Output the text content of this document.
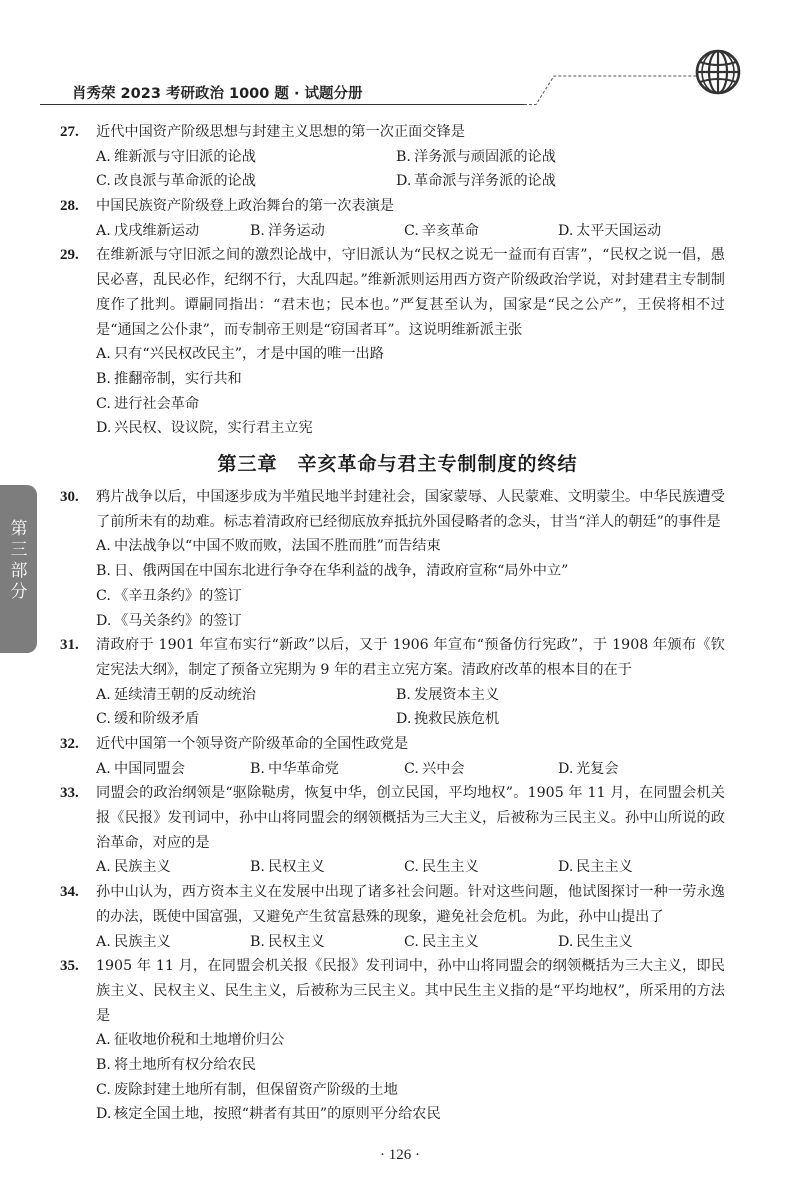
肖秀荣 2023 考研政治 1000 题 · 试题分册
第
三
部
分
27. 近代中国资产阶级思想与封建主义思想的第一次正面交锋是
A. 维新派与守旧派的论战	B. 洋务派与顽固派的论战
C. 改良派与革命派的论战	D. 革命派与洋务派的论战
28. 中国民族资产阶级登上政治舞台的第一次表演是
A. 戊戌维新运动	B. 洋务运动	C. 辛亥革命	D. 太平天国运动
29. 在维新派与守旧派之间的激烈论战中，守旧派认为“民权之说无一益而有百害”，“民权之说一倡，愚民必喜，乱民必作，纪纲不行，大乱四起。”维新派则运用西方资产阶级政治学说，对封建君主专制制度作了批判。谭嗣同指出：“君末也；民本也。”严复甚至认为，国家是“民之公产”，王侯将相不过是“通国之公仆隶”，而专制帝王则是“窃国者耳”。这说明维新派主张
A. 只有“兴民权改民主”，才是中国的唯一出路
B. 推翻帝制，实行共和
C. 进行社会革命
D. 兴民权、设议院，实行君主立宪
第三章　辛亥革命与君主专制制度的终结
30. 鸦片战争以后，中国逐步成为半殖民地半封建社会，国家蒙辱、人民蒙难、文明蒙尘。中华民族遭受了前所未有的劫难。标志着清政府已经彻底放弃抵抗外国侵略者的念头，甘当“洋人的朝廷”的事件是
A. 中法战争以“中国不败而败，法国不胜而胜”而告结束
B. 日、俄两国在中国东北进行争夺在华利益的战争，清政府宣称“局外中立”
C. 《辛丑条约》的签订
D. 《马关条约》的签订
31. 清政府于 1901 年宣布实行“新政”以后，又于 1906 年宣布“预备仿行宪政”，于 1908 年颁布《钦定宪法大纲》，制定了预备立宪期为 9 年的君主立宪方案。清政府改革的根本目的在于
A. 延续清王朝的反动统治	B. 发展资本主义
C. 缓和阶级矛盾	D. 挽救民族危机
32. 近代中国第一个领导资产阶级革命的全国性政党是
A. 中国同盟会	B. 中华革命党	C. 兴中会	D. 光复会
33. 同盟会的政治纲领是“驱除鞑虏，恢复中华，创立民国，平均地权”。1905 年 11 月，在同盟会机关报《民报》发刊词中，孙中山将同盟会的纲领概括为三大主义，后被称为三民主义。孙中山所说的政治革命，对应的是
A. 民族主义	B. 民权主义	C. 民生主义	D. 民主主义
34. 孙中山认为，西方资本主义在发展中出现了诸多社会问题。针对这些问题，他试图探讨一种一劳永逸的办法，既使中国富强，又避免产生贫富悬殊的现象，避免社会危机。为此，孙中山提出了
A. 民族主义	B. 民权主义	C. 民主主义	D. 民生主义
35. 1905 年 11 月，在同盟会机关报《民报》发刊词中，孙中山将同盟会的纲领概括为三大主义，即民族主义、民权主义、民生主义，后被称为三民主义。其中民生主义指的是“平均地权”，所采用的方法是
A. 征收地价税和土地增价归公
B. 将土地所有权分给农民
C. 废除封建土地所有制，但保留资产阶级的土地
D. 核定全国土地，按照“耕者有其田”的原则平分给农民
· 126 ·
